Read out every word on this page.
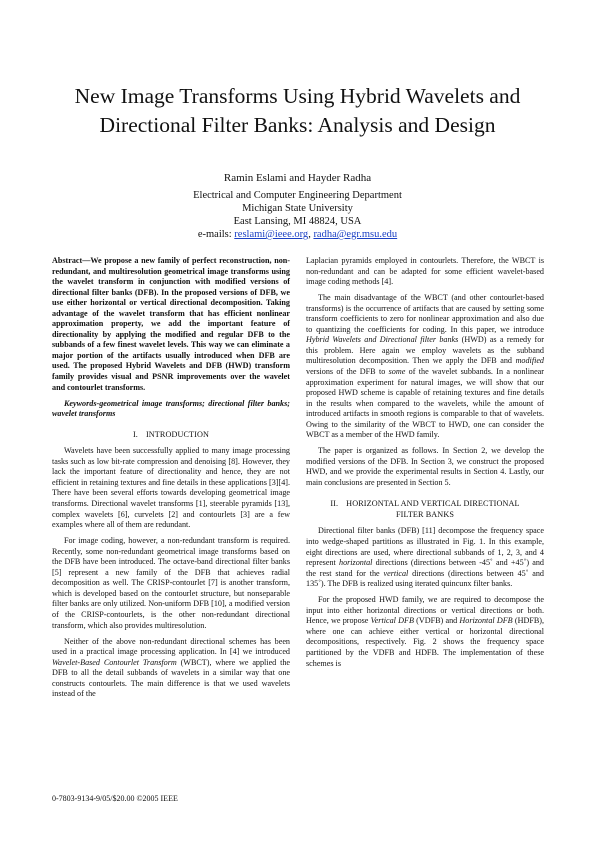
New Image Transforms Using Hybrid Wavelets and Directional Filter Banks: Analysis and Design
Ramin Eslami and Hayder Radha
Electrical and Computer Engineering Department
Michigan State University
East Lansing, MI 48824, USA
e-mails: reslami@ieee.org, radha@egr.msu.edu

Abstract—We propose a new family of perfect reconstruction, non-redundant, and multiresolution geometrical image transforms using the wavelet transform in conjunction with modified versions of directional filter banks (DFB). In the proposed versions of DFB, we use either horizontal or vertical directional decomposition. Taking advantage of the wavelet transform that has efficient nonlinear approximation property, we add the important feature of directionality by applying the modified and regular DFB to the subbands of a few finest wavelet levels. This way we can eliminate a major portion of the artifacts usually introduced when DFB are used. The proposed Hybrid Wavelets and DFB (HWD) transform family provides visual and PSNR improvements over the wavelet and contourlet transforms.

Keywords-geometrical image transforms; directional filter banks; wavelet transforms

I. INTRODUCTION

Wavelets have been successfully applied to many image processing tasks such as low bit-rate compression and denoising [8]. However, they lack the important feature of directionality and hence, they are not efficient in retaining textures and fine details in these applications [3][4]. There have been several efforts towards developing geometrical image transforms. Directional wavelet transforms [1], steerable pyramids [13], complex wavelets [6], curvelets [2] and contourlets [3] are a few examples where all of them are redundant.

For image coding, however, a non-redundant transform is required. Recently, some non-redundant geometrical image transforms based on the DFB have been introduced. The octave-band directional filter banks [5] represent a new family of the DFB that achieves radial decomposition as well. The CRISP-contourlet [7] is another transform, which is developed based on the contourlet structure, but nonseparable filter banks are only utilized. Non-uniform DFB [10], a modified version of the CRISP-contourlets, is the other non-redundant directional transform, which also provides multiresolution.

Neither of the above non-redundant directional schemes has been used in a practical image processing application. In [4] we introduced Wavelet-Based Contourlet Transform (WBCT), where we applied the DFB to all the detail subbands of wavelets in a similar way that one constructs contourlets. The main difference is that we used wavelets instead of the

Laplacian pyramids employed in contourlets. Therefore, the WBCT is non-redundant and can be adapted for some efficient wavelet-based image coding methods [4].

The main disadvantage of the WBCT (and other contourlet-based transforms) is the occurrence of artifacts that are caused by setting some transform coefficients to zero for nonlinear approximation and also due to quantizing the coefficients for coding. In this paper, we introduce Hybrid Wavelets and Directional filter banks (HWD) as a remedy for this problem. Here again we employ wavelets as the subband multiresolution decomposition. Then we apply the DFB and modified versions of the DFB to some of the wavelet subbands. In a nonlinear approximation experiment for natural images, we will show that our proposed HWD scheme is capable of retaining textures and fine details in the results when compared to the wavelets, while the amount of introduced artifacts in smooth regions is comparable to that of wavelets. Owing to the similarity of the WBCT to HWD, one can consider the WBCT as a member of the HWD family.

The paper is organized as follows. In Section 2, we develop the modified versions of the DFB. In Section 3, we construct the proposed HWD, and we provide the experimental results in Section 4. Lastly, our main conclusions are presented in Section 5.

II. HORIZONTAL AND VERTICAL DIRECTIONAL
FILTER BANKS

Directional filter banks (DFB) [11] decompose the frequency space into wedge-shaped partitions as illustrated in Fig. 1. In this example, eight directions are used, where directional subbands of 1, 2, 3, and 4 represent horizontal directions (directions between -45˚ and +45˚) and the rest stand for the vertical directions (directions between 45˚ and 135˚). The DFB is realized using iterated quincunx filter banks.

For the proposed HWD family, we are required to decompose the input into either horizontal directions or vertical directions or both. Hence, we propose Vertical DFB (VDFB) and Horizontal DFB (HDFB), where one can achieve either vertical or horizontal directional decompositions, respectively. Fig. 2 shows the frequency space partitioned by the VDFB and HDFB. The implementation of these schemes is

0-7803-9134-9/05/$20.00 ©2005 IEEE
